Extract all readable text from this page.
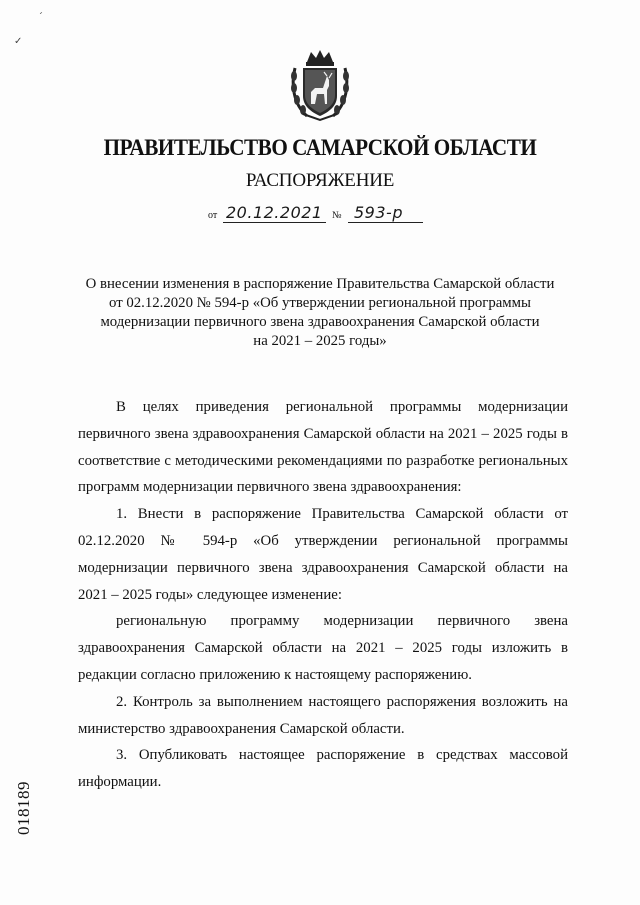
´
✓
ПРАВИТЕЛЬСТВО САМАРСКОЙ ОБЛАСТИ
РАСПОРЯЖЕНИЕ
от 20.12.2021 № 593-р
О внесении изменения в распоряжение Правительства Самарской области
от 02.12.2020 № 594-р «Об утверждении региональной программы
модернизации первичного звена здравоохранения Самарской области
на 2021 – 2025 годы»

В целях приведения региональной программы модернизации первичного звена здравоохранения Самарской области на 2021 – 2025 годы в соответствие с методическими рекомендациями по разработке региональных программ модернизации первичного звена здравоохранения:

1. Внести в распоряжение Правительства Самарской области от 02.12.2020 № 594-р «Об утверждении региональной программы модернизации первичного звена здравоохранения Самарской области на 2021 – 2025 годы» следующее изменение:

региональную программу модернизации первичного звена здравоохранения Самарской области на 2021 – 2025 годы изложить в редакции согласно приложению к настоящему распоряжению.

2. Контроль за выполнением настоящего распоряжения возложить на министерство здравоохранения Самарской области.

3. Опубликовать настоящее распоряжение в средствах массовой информации.

018189
